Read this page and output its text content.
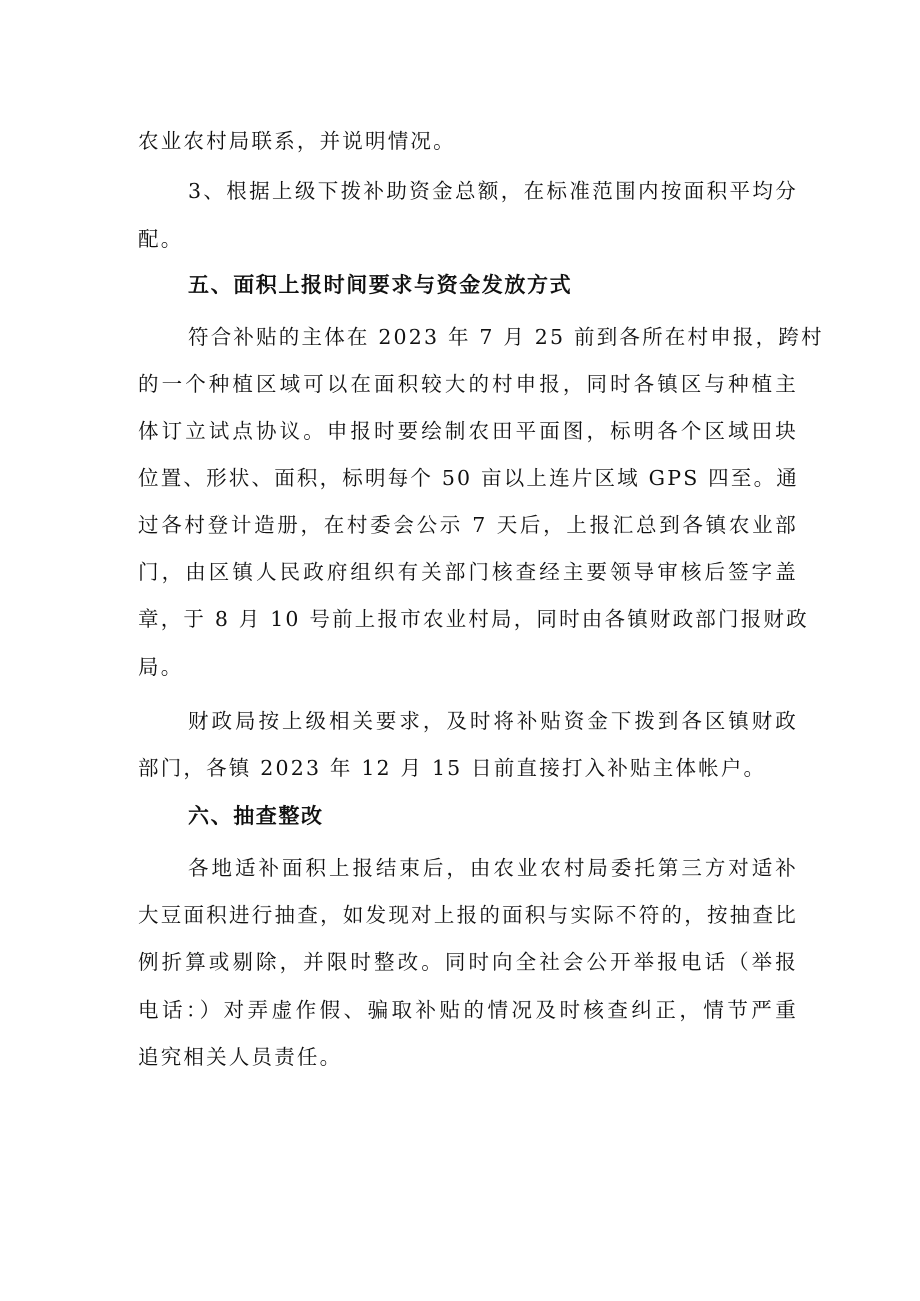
农业农村局联系，并说明情况。

3、根据上级下拨补助资金总额，在标准范围内按面积平均分

配。

五、面积上报时间要求与资金发放方式

符合补贴的主体在 2023 年 7 月 25 前到各所在村申报，跨村

的一个种植区域可以在面积较大的村申报，同时各镇区与种植主

体订立试点协议。申报时要绘制农田平面图，标明各个区域田块

位置、形状、面积，标明每个 50 亩以上连片区域 GPS 四至。通

过各村登计造册，在村委会公示 7 天后，上报汇总到各镇农业部

门，由区镇人民政府组织有关部门核查经主要领导审核后签字盖

章，于 8 月 10 号前上报市农业村局，同时由各镇财政部门报财政

局。

财政局按上级相关要求，及时将补贴资金下拨到各区镇财政

部门，各镇 2023 年 12 月 15 日前直接打入补贴主体帐户。

六、抽查整改

各地适补面积上报结束后，由农业农村局委托第三方对适补

大豆面积进行抽查，如发现对上报的面积与实际不符的，按抽查比

例折算或剔除，并限时整改。同时向全社会公开举报电话（举报

电话：）对弄虚作假、骗取补贴的情况及时核查纠正，情节严重

追究相关人员责任。
